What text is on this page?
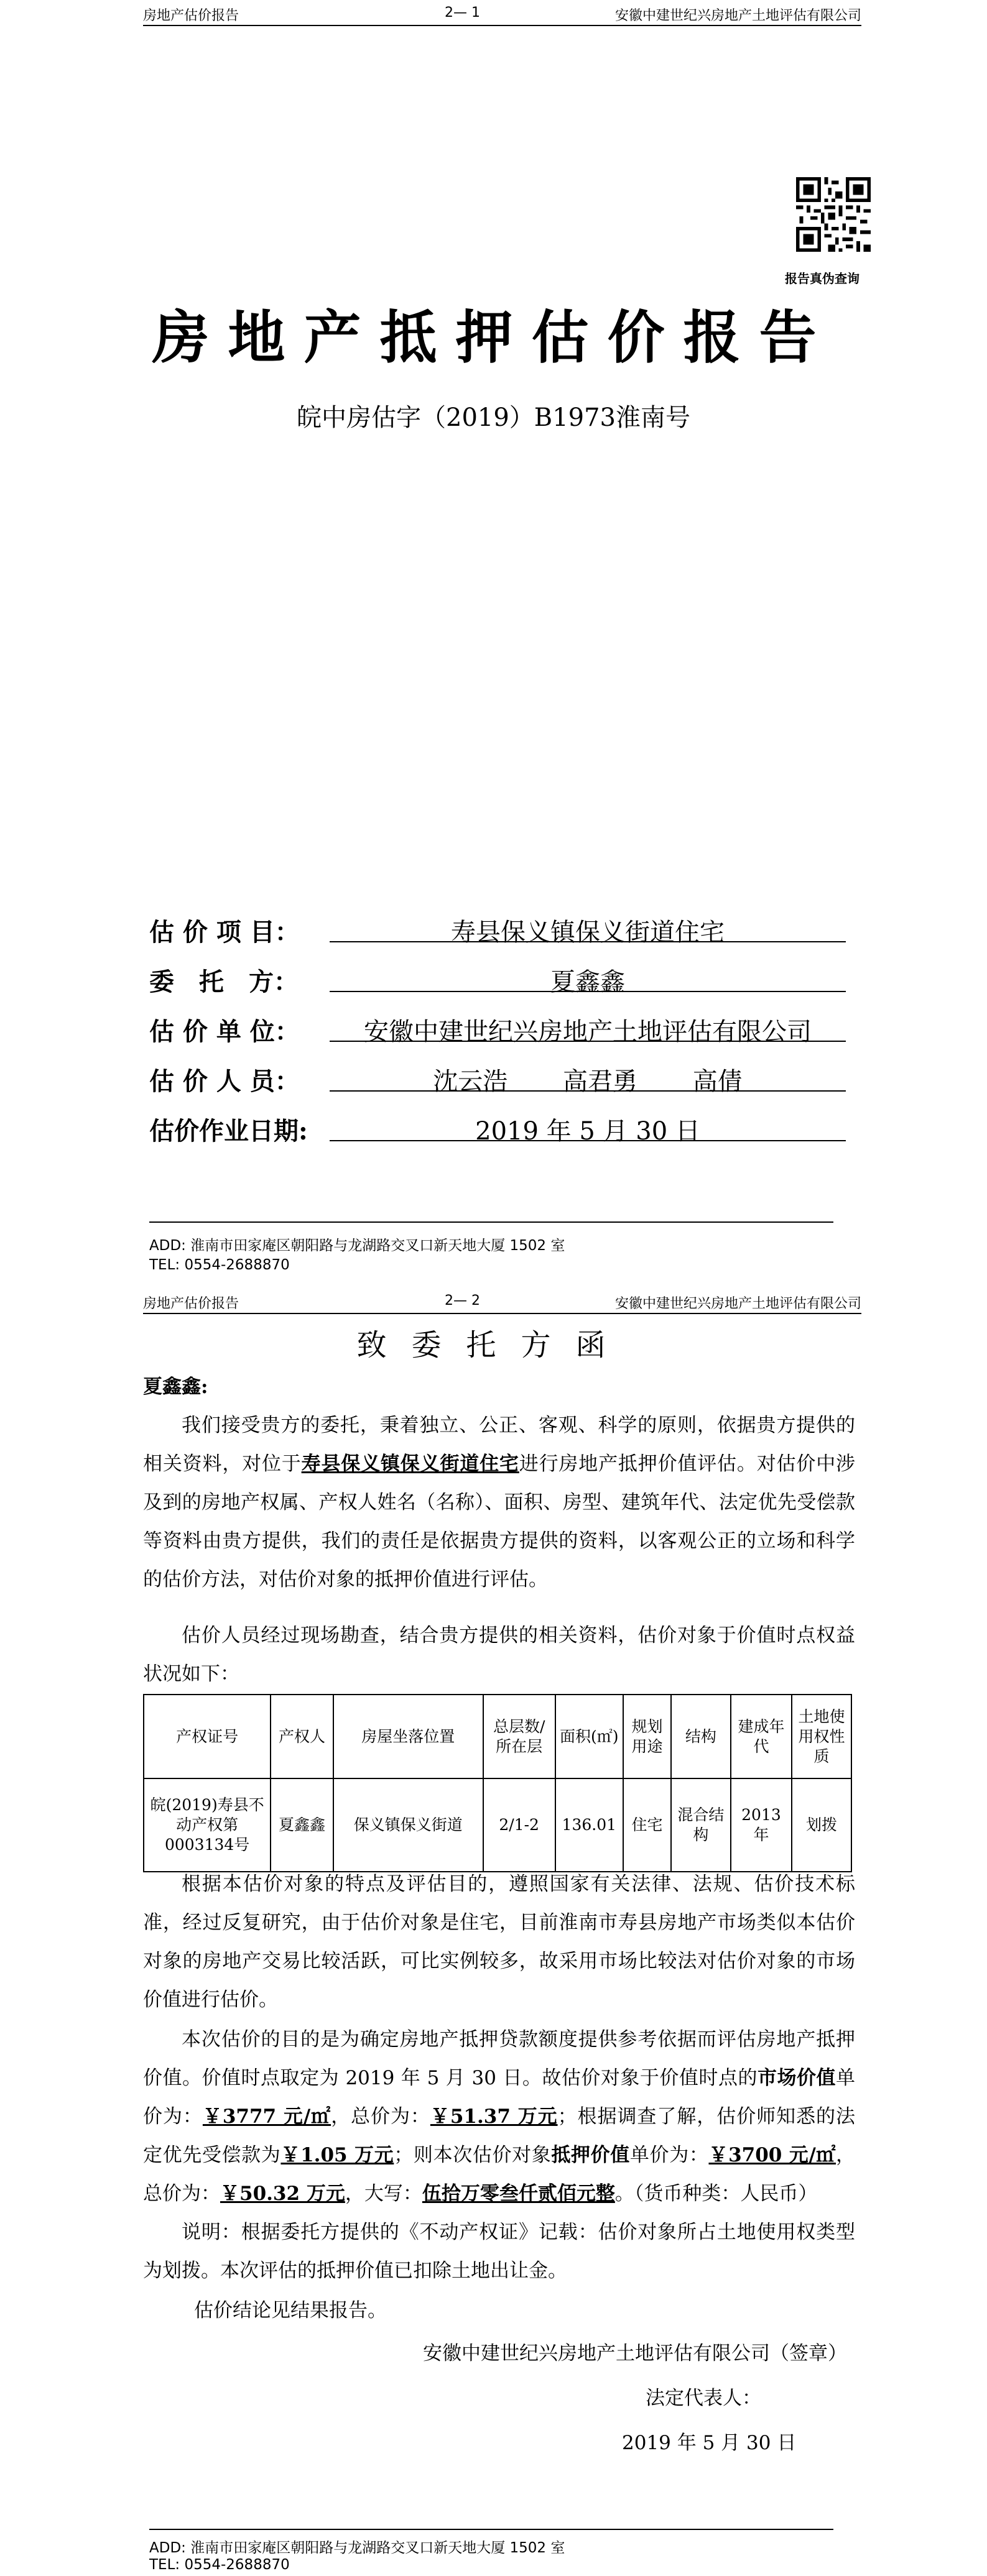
房地产估价报告	2— 1	安徽中建世纪兴房地产土地评估有限公司
报告真伪查询
房地产抵押估价报告
皖中房估字（2019）B1973淮南号
估 价 项 目：	寿县保义镇保义街道住宅
委　托　方：	夏鑫鑫
估 价 单 位：	安徽中建世纪兴房地产土地评估有限公司
估 价 人 员：	沈云浩 高君勇 高倩
估价作业日期:	2019 年 5 月 30 日
ADD: 淮南市田家庵区朝阳路与龙湖路交叉口新天地大厦 1502 室
TEL: 0554-2688870
房地产估价报告	2— 2	安徽中建世纪兴房地产土地评估有限公司
致委托方函
夏鑫鑫:
我们接受贵方的委托，秉着独立、公正、客观、科学的原则，依据贵方提供的相关资料，对位于寿县保义镇保义街道住宅进行房地产抵押价值评估。对估价中涉及到的房地产权属、产权人姓名（名称）、面积、房型、建筑年代、法定优先受偿款等资料由贵方提供，我们的责任是依据贵方提供的资料，以客观公正的立场和科学的估价方法，对估价对象的抵押价值进行评估。
估价人员经过现场勘查，结合贵方提供的相关资料，估价对象于价值时点权益状况如下：
产权证号	产权人	房屋坐落位置	总层数/所在层	面积(㎡)	规划用途	结构	建成年代	土地使用权性质
皖(2019)寿县不动产权第0003134号	夏鑫鑫	保义镇保义街道	2/1-2	136.01	住宅	混合结构	2013 年	划拨
根据本估价对象的特点及评估目的，遵照国家有关法律、法规、估价技术标准，经过反复研究，由于估价对象是住宅，目前淮南市寿县房地产市场类似本估价对象的房地产交易比较活跃，可比实例较多，故采用市场比较法对估价对象的市场价值进行估价。
本次估价的目的是为确定房地产抵押贷款额度提供参考依据而评估房地产抵押价值。价值时点取定为 2019 年 5 月 30 日。故估价对象于价值时点的市场价值单价为：￥3777 元/㎡，总价为：￥51.37 万元；根据调查了解，估价师知悉的法定优先受偿款为￥1.05 万元；则本次估价对象抵押价值单价为：￥3700 元/㎡，总价为：￥50.32 万元，大写：伍拾万零叁仟贰佰元整。（货币种类：人民币）
说明：根据委托方提供的《不动产权证》记载：估价对象所占土地使用权类型为划拨。本次评估的抵押价值已扣除土地出让金。
估价结论见结果报告。
安徽中建世纪兴房地产土地评估有限公司（签章）
法定代表人：
2019 年 5 月 30 日
ADD: 淮南市田家庵区朝阳路与龙湖路交叉口新天地大厦 1502 室
TEL: 0554-2688870
